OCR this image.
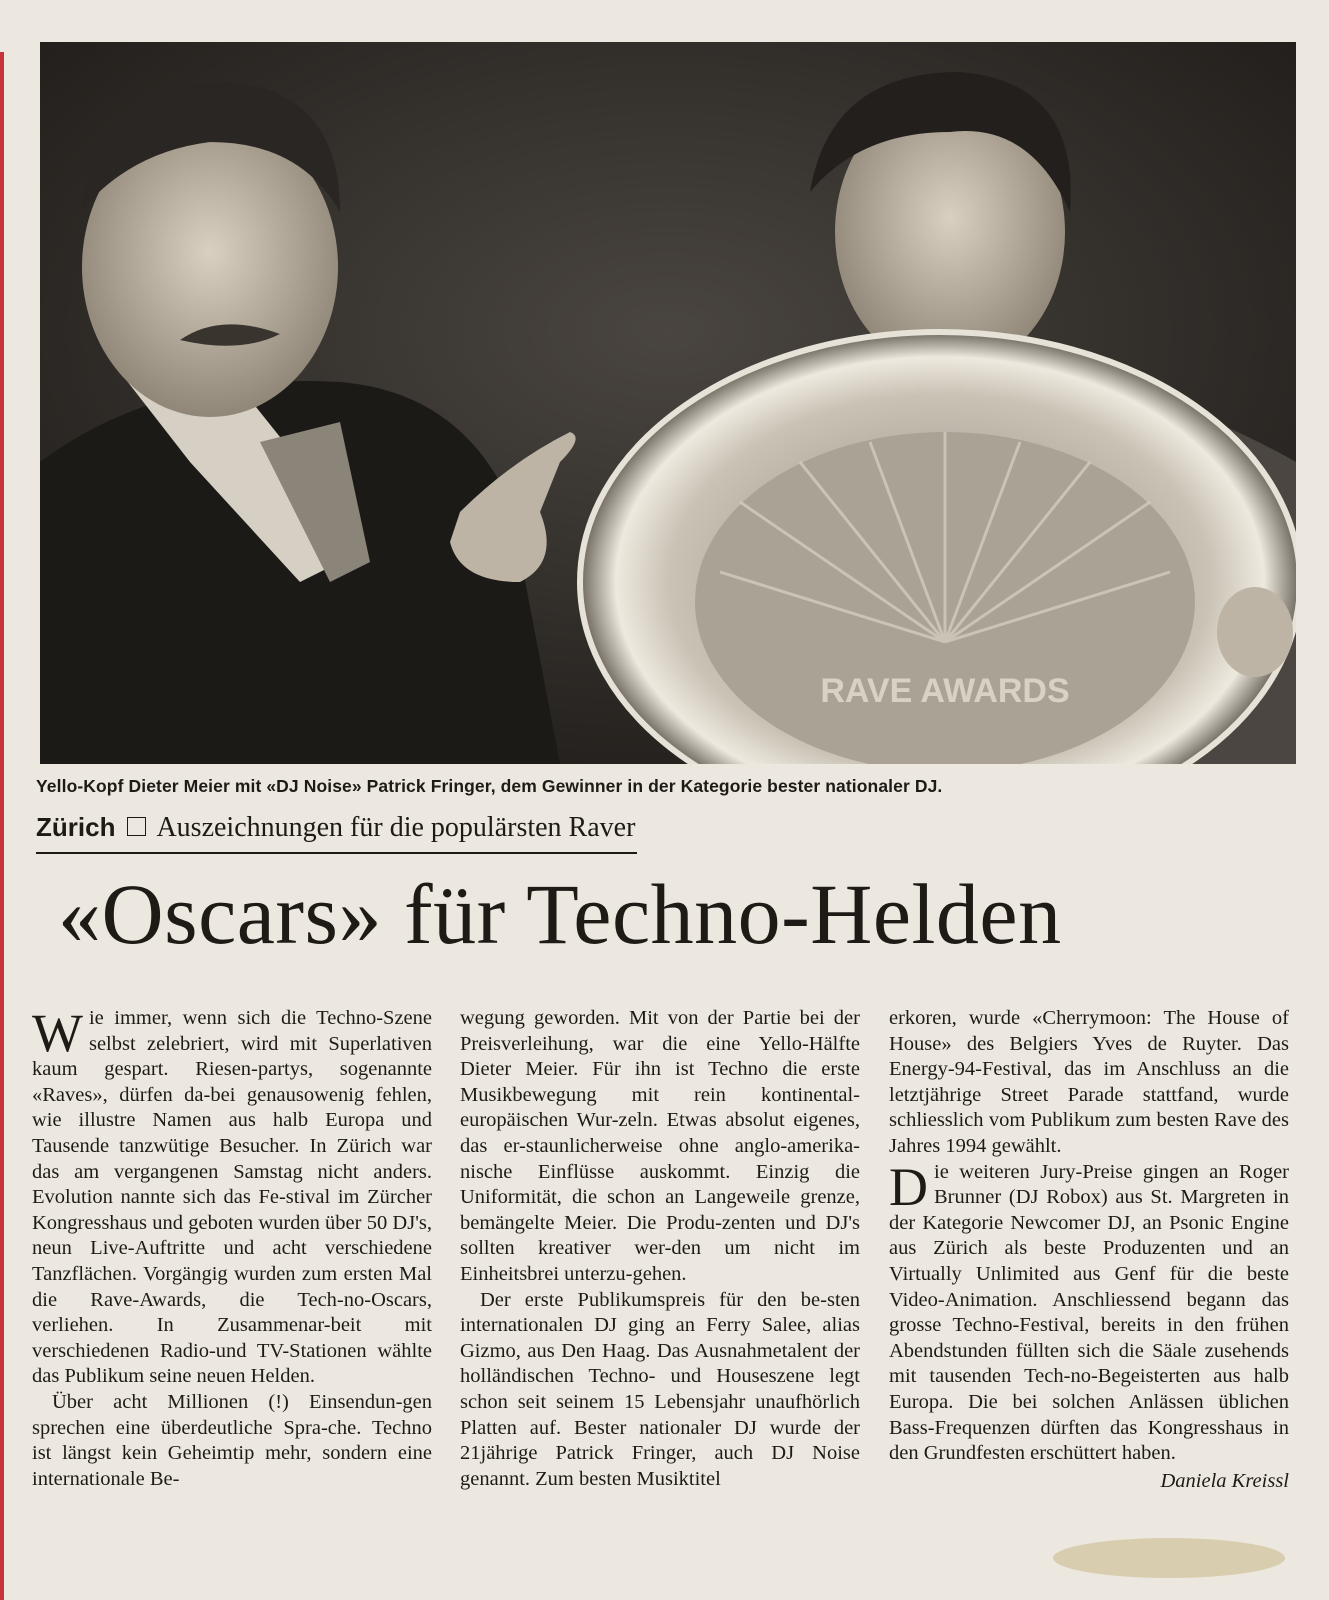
RAVE AWARDS
Yello-Kopf Dieter Meier mit «DJ Noise» Patrick Fringer, dem Gewinner in der Kategorie bester nationaler DJ.
Zürich Auszeichnungen für die populärsten Raver
«Oscars» für Techno-Helden

Wie immer, wenn sich die Techno-Szene selbst zelebriert, wird mit Superlativen kaum gespart. Riesen-partys, sogenannte «Raves», dürfen da-bei genausowenig fehlen, wie illustre Namen aus halb Europa und Tausende tanzwütige Besucher. In Zürich war das am vergangenen Samstag nicht anders. Evolution nannte sich das Fe-stival im Zürcher Kongresshaus und geboten wurden über 50 DJ's, neun Live-Auftritte und acht verschiedene Tanzflächen. Vorgängig wurden zum ersten Mal die Rave-Awards, die Tech-no-Oscars, verliehen. In Zusammenar-beit mit verschiedenen Radio-und TV-Stationen wählte das Publikum seine neuen Helden.

Über acht Millionen (!) Einsendun-gen sprechen eine überdeutliche Spra-che. Techno ist längst kein Geheimtip mehr, sondern eine internationale Be-

wegung geworden. Mit von der Partie bei der Preisverleihung, war die eine Yello-Hälfte Dieter Meier. Für ihn ist Techno die erste Musikbewegung mit rein kontinental-europäischen Wur-zeln. Etwas absolut eigenes, das er-staunlicherweise ohne anglo-amerika-nische Einflüsse auskommt. Einzig die Uniformität, die schon an Langeweile grenze, bemängelte Meier. Die Produ-zenten und DJ's sollten kreativer wer-den um nicht im Einheitsbrei unterzu-gehen.

Der erste Publikumspreis für den be-sten internationalen DJ ging an Ferry Salee, alias Gizmo, aus Den Haag. Das Ausnahmetalent der holländischen Techno- und Houseszene legt schon seit seinem 15 Lebensjahr unaufhörlich Platten auf. Bester nationaler DJ wurde der 21jährige Patrick Fringer, auch DJ Noise genannt. Zum besten Musiktitel

erkoren, wurde «Cherrymoon: The House of House» des Belgiers Yves de Ruyter. Das Energy-94-Festival, das im Anschluss an die letztjährige Street Parade stattfand, wurde schliesslich vom Publikum zum besten Rave des Jahres 1994 gewählt.

Die weiteren Jury-Preise gingen an Roger Brunner (DJ Robox) aus St. Margreten in der Kategorie Newcomer DJ, an Psonic Engine aus Zürich als beste Produzenten und an Virtually Unlimited aus Genf für die beste Video-Animation. Anschliessend begann das grosse Techno-Festival, bereits in den frühen Abendstunden füllten sich die Säale zusehends mit tausenden Tech-no-Begeisterten aus halb Europa. Die bei solchen Anlässen üblichen Bass-Frequenzen dürften das Kongresshaus in den Grundfesten erschüttert haben.

Daniela Kreissl
